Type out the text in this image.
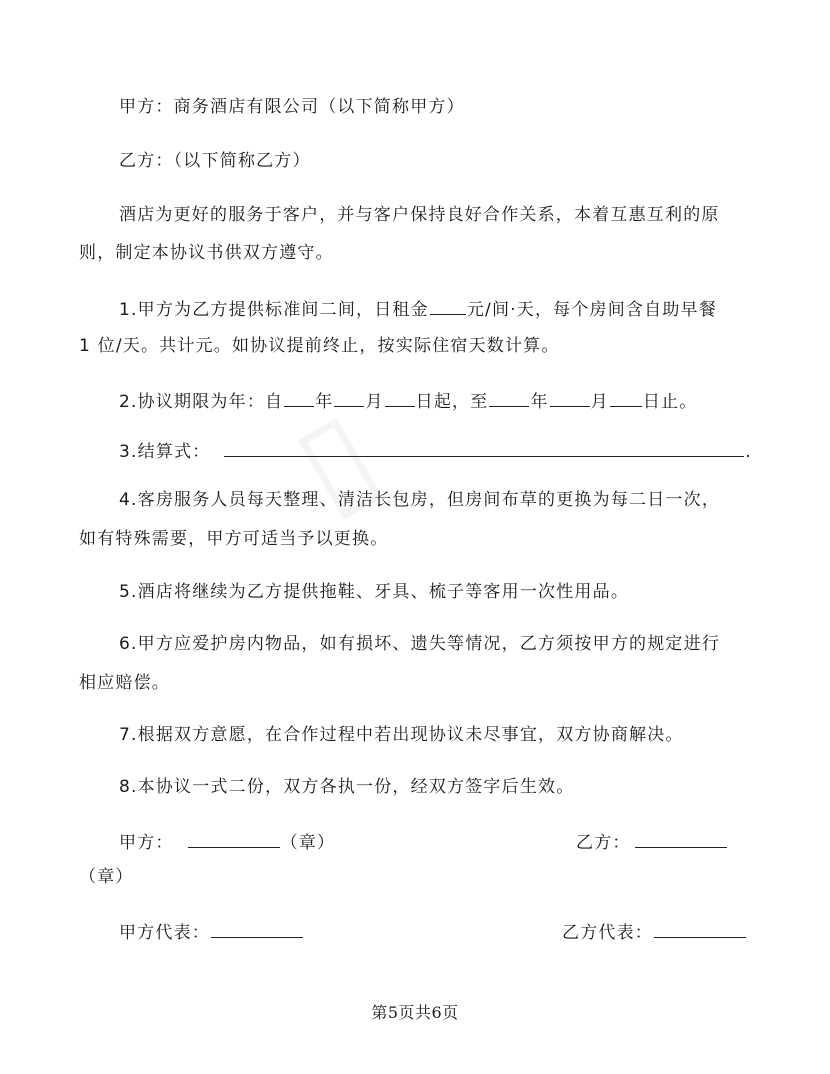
甲方：商务酒店有限公司（以下简称甲方）
乙方：（以下简称乙方）
酒店为更好的服务于客户，并与客户保持良好合作关系，本着互惠互利的原
则，制定本协议书供双方遵守。
1.甲方为乙方提供标准间二间，日租金 元/间·天，每个房间含自助早餐
1 位/天。共计元。如协议提前终止，按实际住宿天数计算。
2.协议期限为年：自 年 月 日起，至 年 月 日止。
3.结算式：	.
4.客房服务人员每天整理、清洁长包房，但房间布草的更换为每二日一次，
如有特殊需要，甲方可适当予以更换。
5.酒店将继续为乙方提供拖鞋、牙具、梳子等客用一次性用品。
6.甲方应爱护房内物品，如有损坏、遗失等情况，乙方须按甲方的规定进行
相应赔偿。
7.根据双方意愿，在合作过程中若出现协议未尽事宜，双方协商解决。
8.本协议一式二份，双方各执一份，经双方签字后生效。
甲方：	（章）	乙方：
（章）
甲方代表：	乙方代表：
第5页共6页
